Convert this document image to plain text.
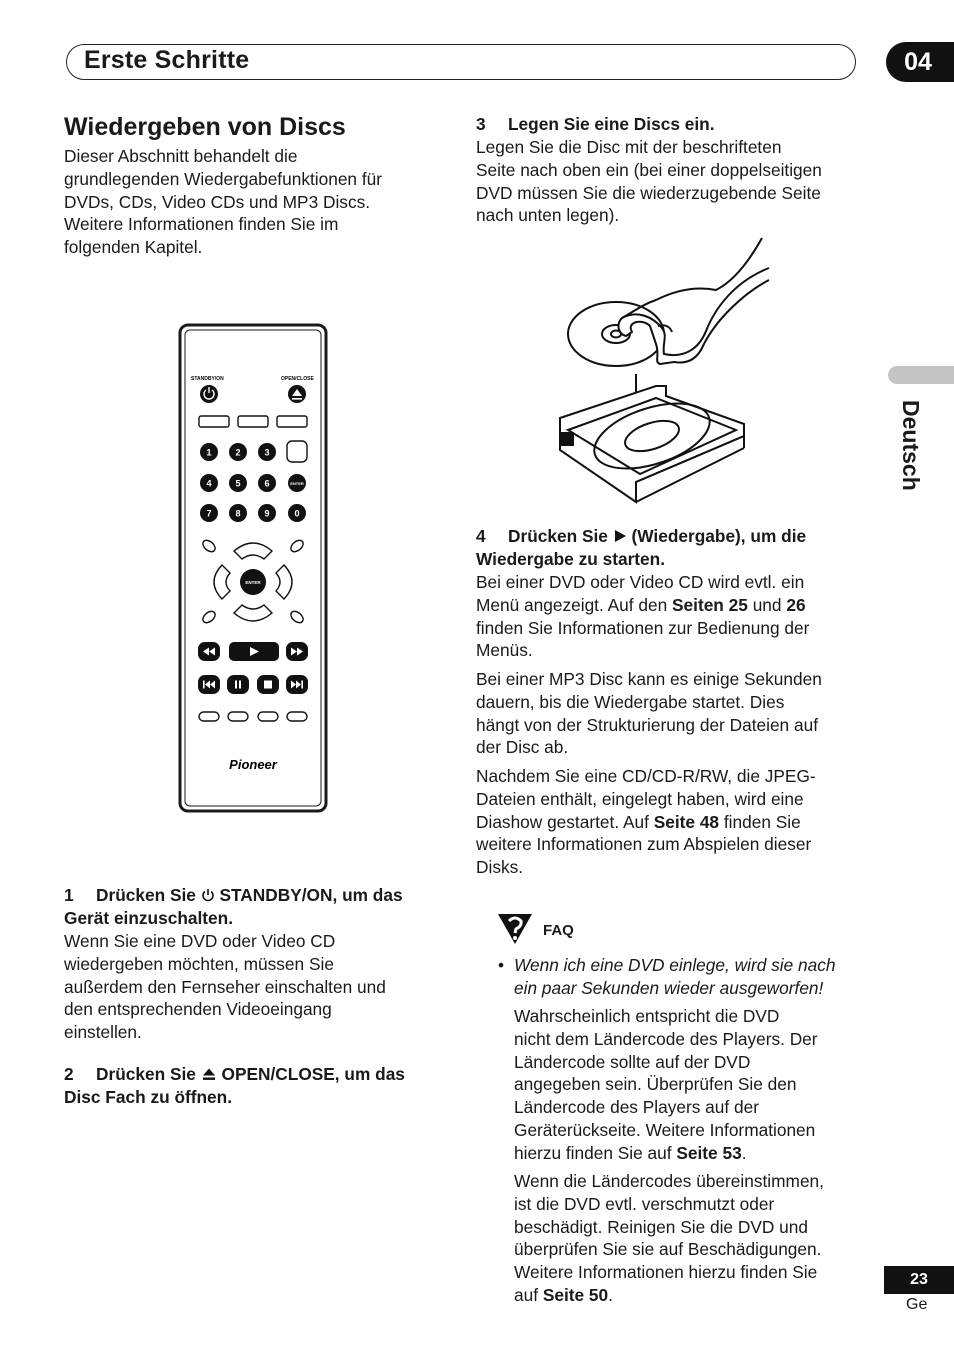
Erste Schritte	04
Deutsch
Wiedergeben von Discs
Dieser Abschnitt behandelt die
grundlegenden Wiedergabefunktionen für
DVDs, CDs, Video CDs und MP3 Discs.
Weitere Informationen finden Sie im
folgenden Kapitel.
STANDBY/ON	OPEN/CLOSE
1	2	3
4	5	6	ENTER
7	8	9	0
ENTER
Pioneer
1 Drücken Sie  STANDBY/ON, um das
Gerät einzuschalten.
Wenn Sie eine DVD oder Video CD
wiedergeben möchten, müssen Sie
außerdem den Fernseher einschalten und
den entsprechenden Videoeingang
einstellen.
2 Drücken Sie  OPEN/CLOSE, um das
Disc Fach zu öffnen.
3 Legen Sie eine Discs ein.
Legen Sie die Disc mit der beschrifteten
Seite nach oben ein (bei einer doppelseitigen
DVD müssen Sie die wiederzugebende Seite
nach unten legen).
4 Drücken Sie  (Wiedergabe), um die
Wiedergabe zu starten.
Bei einer DVD oder Video CD wird evtl. ein
Menü angezeigt. Auf den Seiten 25 und 26
finden Sie Informationen zur Bedienung der
Menüs.
Bei einer MP3 Disc kann es einige Sekunden
dauern, bis die Wiedergabe startet. Dies
hängt von der Strukturierung der Dateien auf
der Disc ab.
Nachdem Sie eine CD/CD-R/RW, die JPEG-
Dateien enthält, eingelegt haben, wird eine
Diashow gestartet. Auf Seite 48 finden Sie
weitere Informationen zum Abspielen dieser
Disks.
FAQ
• Wenn ich eine DVD einlege, wird sie nach
ein paar Sekunden wieder ausgeworfen!
Wahrscheinlich entspricht die DVD
nicht dem Ländercode des Players. Der
Ländercode sollte auf der DVD
angegeben sein. Überprüfen Sie den
Ländercode des Players auf der
Geräterückseite. Weitere Informationen
hierzu finden Sie auf Seite 53.
Wenn die Ländercodes übereinstimmen,
ist die DVD evtl. verschmutzt oder
beschädigt. Reinigen Sie die DVD und
überprüfen Sie sie auf Beschädigungen.
Weitere Informationen hierzu finden Sie
auf Seite 50.
23
Ge
